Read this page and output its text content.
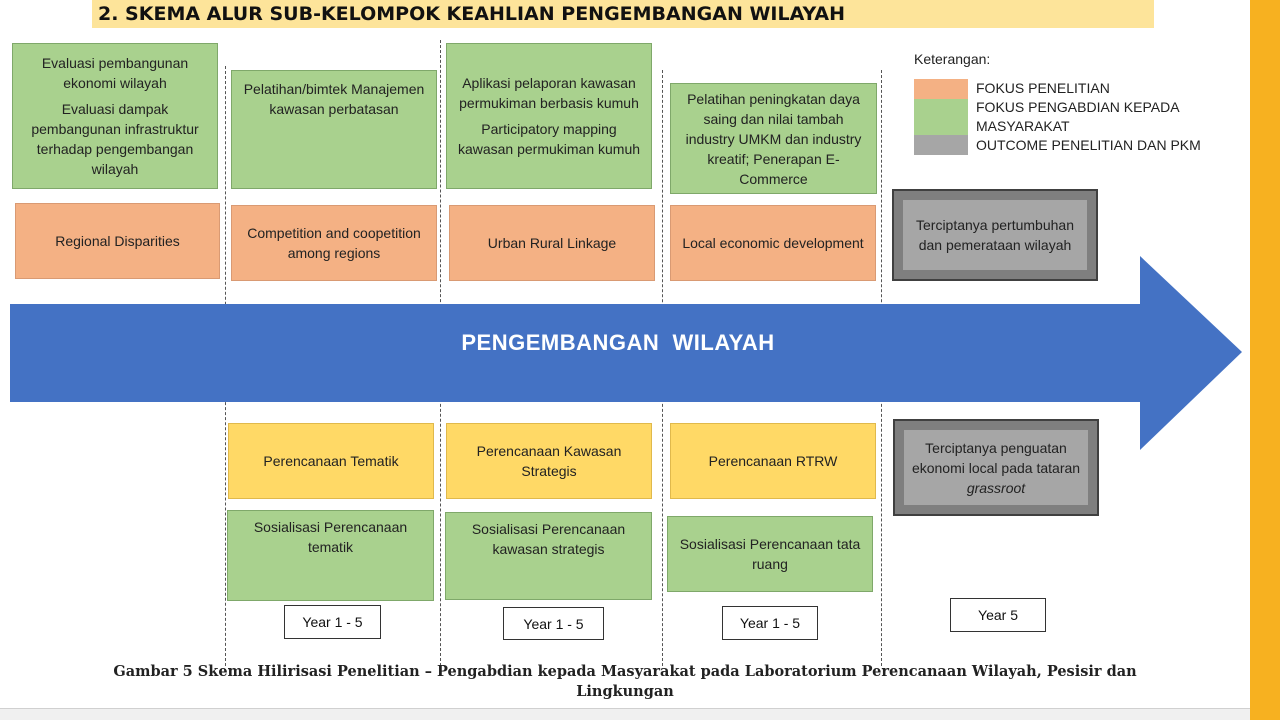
2. SKEMA ALUR SUB-KELOMPOK KEAHLIAN PENGEMBANGAN WILAYAH
PENGEMBANGAN  WILAYAH

Evaluasi pembangunan ekonomi wilayah

Evaluasi dampak pembangunan infrastruktur terhadap pengembangan wilayah

Regional Disparities

Pelatihan/bimtek Manajemen kawasan perbatasan

Competition and coopetition among regions
Perencanaan Tematik
Sosialisasi Perencanaan tematik
Year 1 - 5

Aplikasi pelaporan kawasan permukiman berbasis kumuh

Participatory mapping kawasan permukiman kumuh

Urban Rural Linkage
Perencanaan Kawasan Strategis
Sosialisasi Perencanaan kawasan strategis
Year 1 - 5

Pelatihan peningkatan daya saing dan nilai tambah industry UMKM dan industry kreatif; Penerapan E-Commerce

Local economic development
Perencanaan RTRW
Sosialisasi Perencanaan tata ruang
Year 1 - 5
Terciptanya pertumbuhan dan pemerataan wilayah
Terciptanya penguatan ekonomi local pada tataran grassroot
Year 5
Keterangan:
FOKUS PENELITIAN
FOKUS PENGABDIAN KEPADA MASYARAKAT
OUTCOME PENELITIAN DAN PKM
Gambar 5 Skema Hilirisasi Penelitian – Pengabdian kepada Masyarakat pada Laboratorium Perencanaan Wilayah, Pesisir dan Lingkungan
